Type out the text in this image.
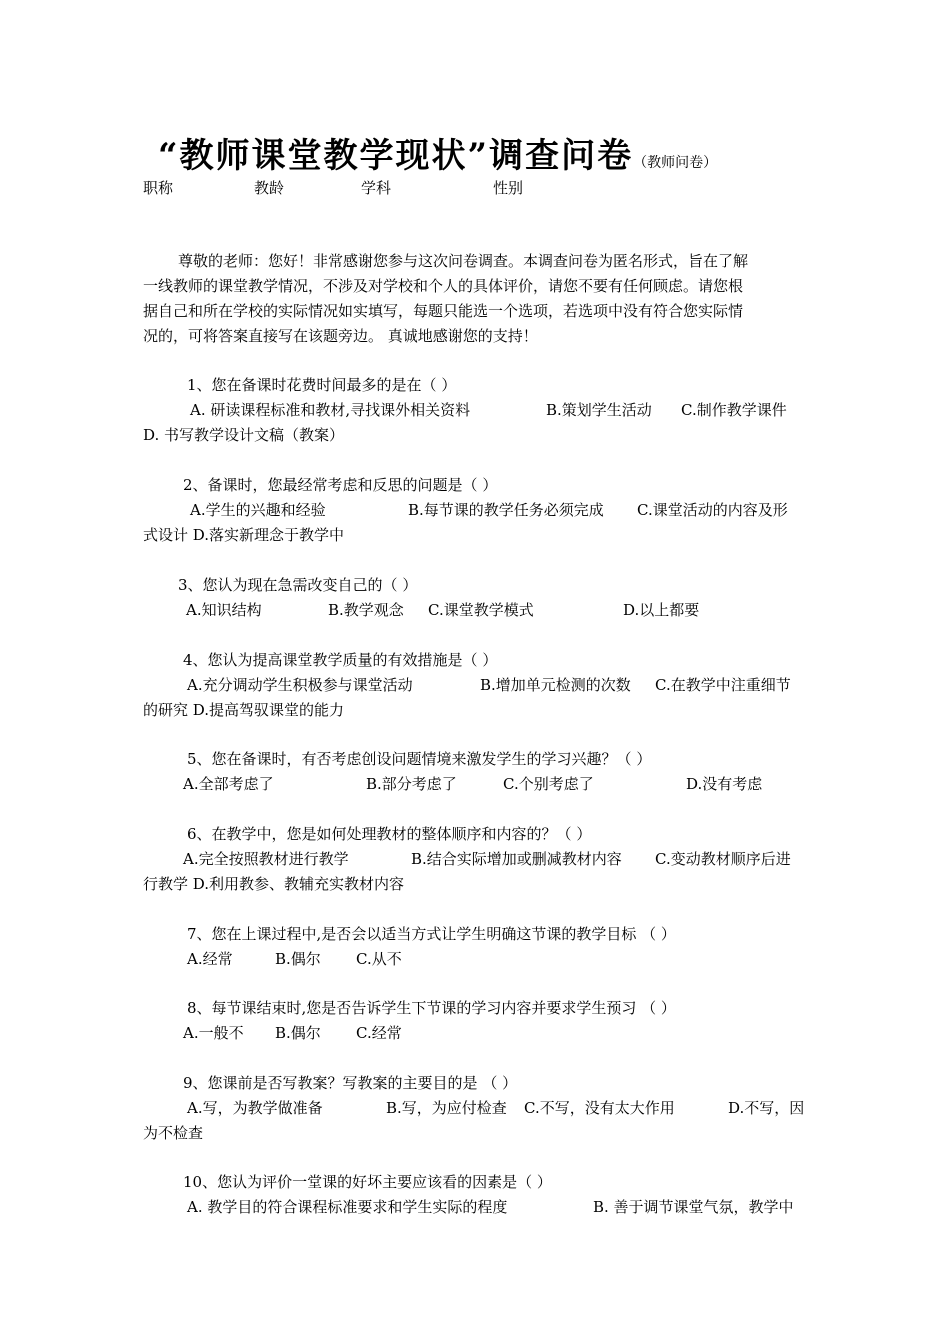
“教师课堂教学现状”调查问卷（教师问卷）
职称	教龄	学科	性别
尊敬的老师：您好！非常感谢您参与这次问卷调查。本调查问卷为匿名形式，旨在了解
一线教师的课堂教学情况，不涉及对学校和个人的具体评价，请您不要有任何顾虑。请您根
据自己和所在学校的实际情况如实填写，每题只能选一个选项，若选项中没有符合您实际情
况的，可将答案直接写在该题旁边。 真诚地感谢您的支持！
1、您在备课时花费时间最多的是在（ ）
A. 研读课程标准和教材,寻找课外相关资料	B.策划学生活动 C.制作教学课件
D. 书写教学设计文稿（教案）
2、备课时，您最经常考虑和反思的问题是（ ）
A.学生的兴趣和经验	B.每节课的教学任务必须完成 C.课堂活动的内容及形
式设计 D.落实新理念于教学中
3、您认为现在急需改变自己的（ ）
A.知识结构	B.教学观念 C.课堂教学模式	D.以上都要
4、您认为提高课堂教学质量的有效措施是（ ）
A.充分调动学生积极参与课堂活动	B.增加单元检测的次数 C.在教学中注重细节
的研究 D.提高驾驭课堂的能力
5、您在备课时，有否考虑创设问题情境来激发学生的学习兴趣？（ ）
A.全部考虑了	B.部分考虑了	C.个别考虑了	D.没有考虑
6、在教学中，您是如何处理教材的整体顺序和内容的？（ ）
A.完全按照教材进行教学	B.结合实际增加或删减教材内容 C.变动教材顺序后进
行教学 D.利用教参、教辅充实教材内容
7、您在上课过程中,是否会以适当方式让学生明确这节课的教学目标 （ ）
A.经常	B.偶尔 C.从不
8、每节课结束时,您是否告诉学生下节课的学习内容并要求学生预习 （ ）
A.一般不 B.偶尔 C.经常
9、您课前是否写教案？写教案的主要目的是 （ ）
A.写，为教学做准备	B.写，为应付检查 C.不写，没有太大作用	D.不写，因
为不检查
10、您认为评价一堂课的好坏主要应该看的因素是（ ）
A. 教学目的符合课程标准要求和学生实际的程度	B. 善于调节课堂气氛，教学中
